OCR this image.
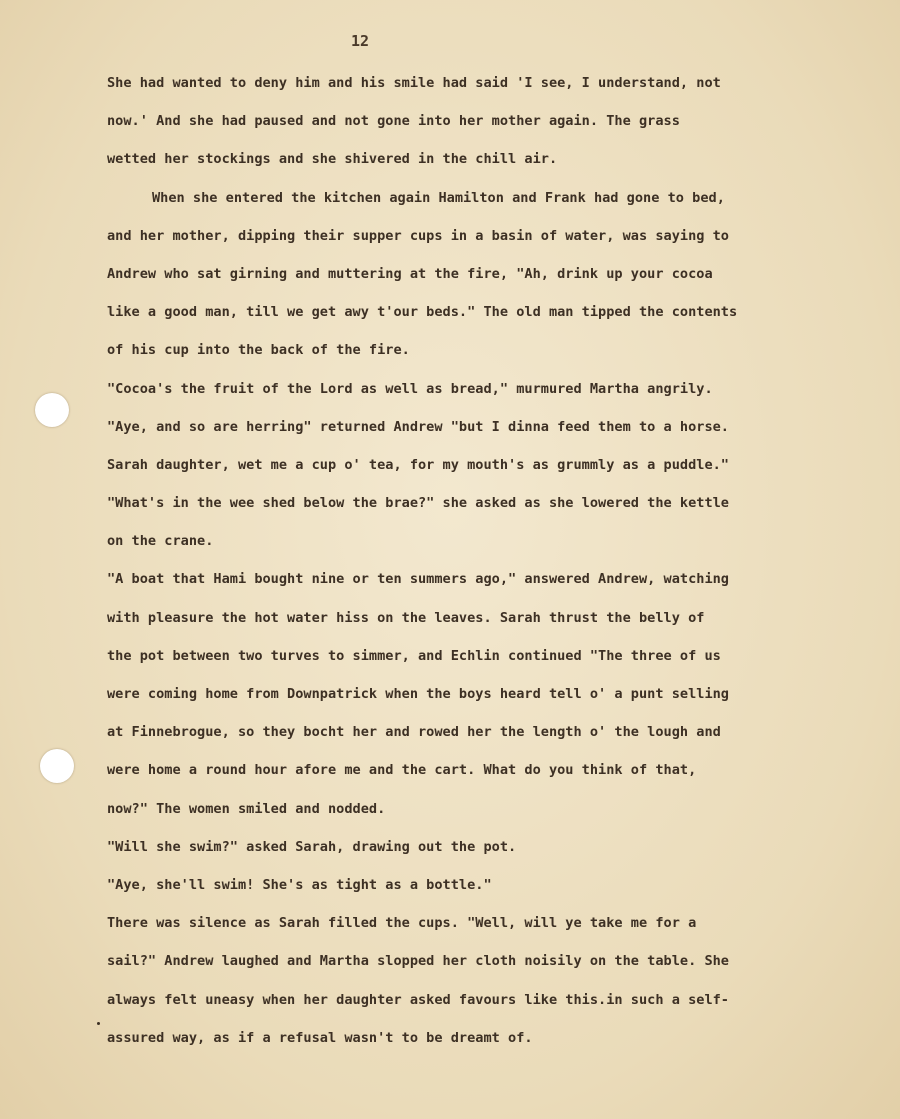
12
She had wanted to deny him and his smile had said 'I see, I understand, not
now.' And she had paused and not gone into her mother again. The grass
wetted her stockings and she shivered in the chill air.
When she entered the kitchen again Hamilton and Frank had gone to bed,
and her mother, dipping their supper cups in a basin of water, was saying to
Andrew who sat girning and muttering at the fire, "Ah, drink up your cocoa
like a good man, till we get awy t'our beds." The old man tipped the contents
of his cup into the back of the fire.
"Cocoa's the fruit of the Lord as well as bread," murmured Martha angrily.
"Aye, and so are herring" returned Andrew "but I dinna feed them to a horse.
Sarah daughter, wet me a cup o' tea, for my mouth's as grummly as a puddle."
"What's in the wee shed below the brae?" she asked as she lowered the kettle
on the crane.
"A boat that Hami bought nine or ten summers ago," answered Andrew, watching
with pleasure the hot water hiss on the leaves. Sarah thrust the belly of
the pot between two turves to simmer, and Echlin continued "The three of us
were coming home from Downpatrick when the boys heard tell o' a punt selling
at Finnebrogue, so they bocht her and rowed her the length o' the lough and
were home a round hour afore me and the cart. What do you think of that,
now?" The women smiled and nodded.
"Will she swim?" asked Sarah, drawing out the pot.
"Aye, she'll swim! She's as tight as a bottle."
There was silence as Sarah filled the cups. "Well, will ye take me for a
sail?" Andrew laughed and Martha slopped her cloth noisily on the table. She
always felt uneasy when her daughter asked favours like this.in such a self-
assured way, as if a refusal wasn't to be dreamt of.
